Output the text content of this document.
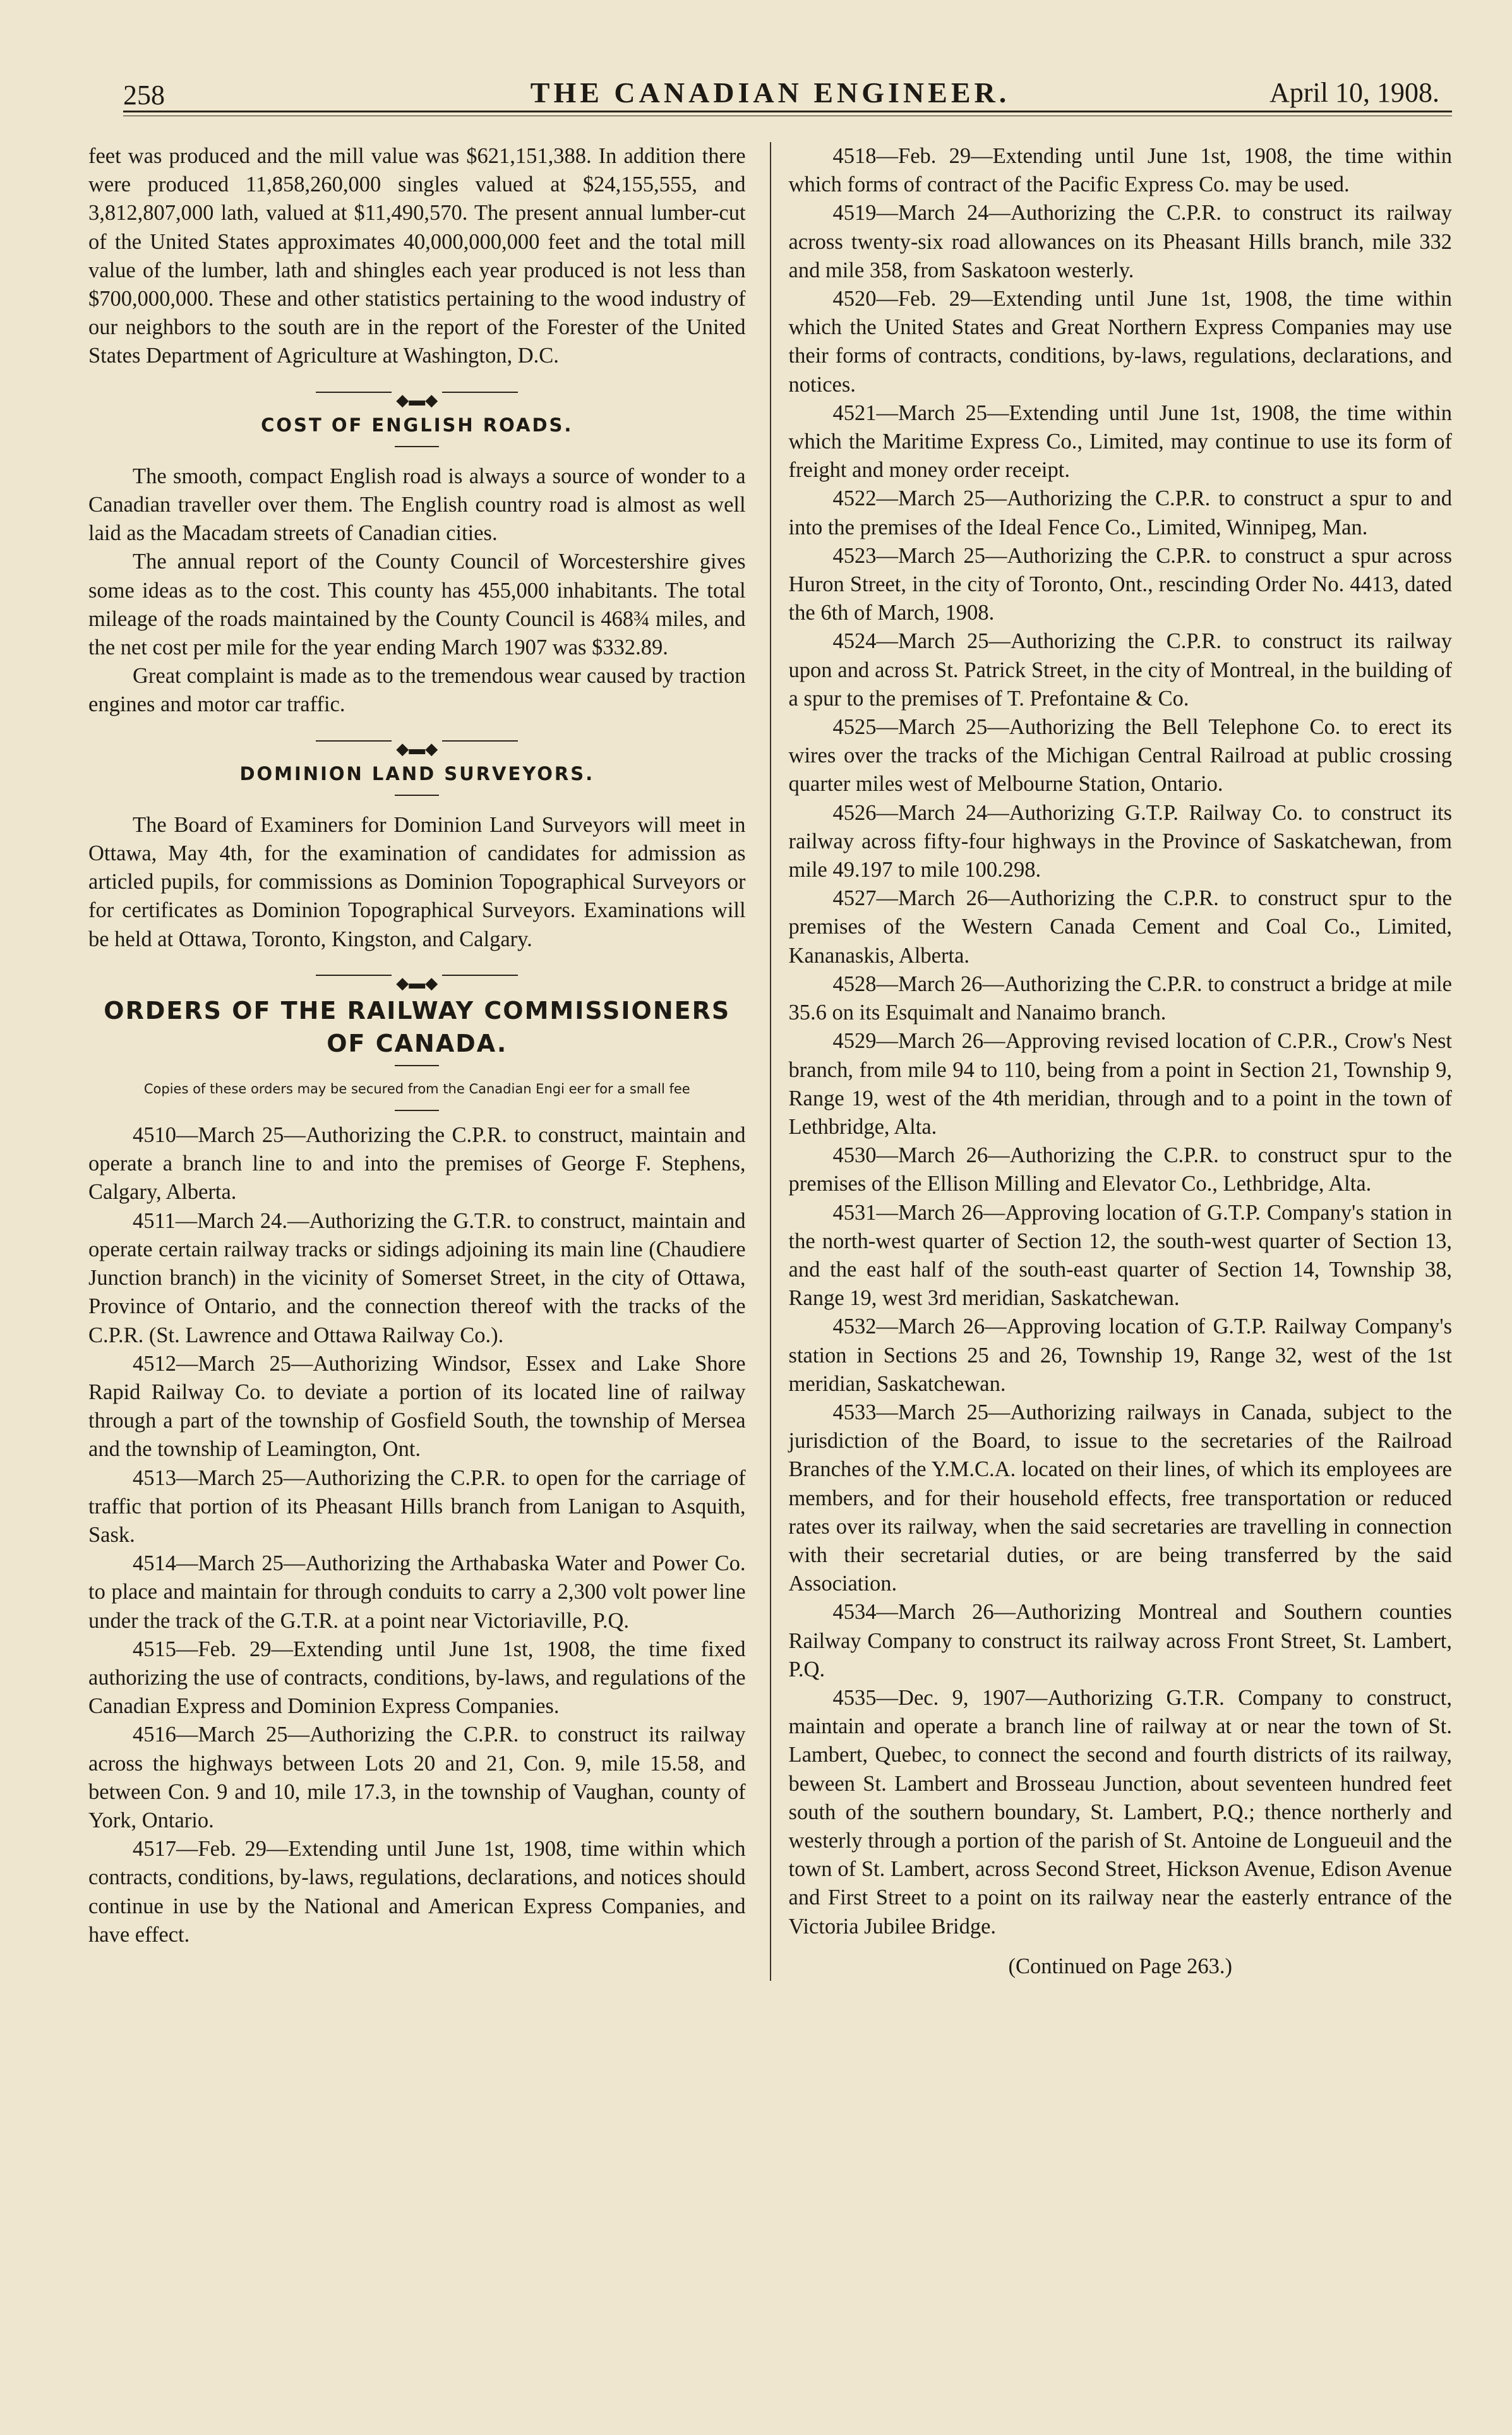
258	THE CANADIAN ENGINEER.	April 10, 1908.

feet was produced and the mill value was $621,151,388. In addition there were produced 11,858,260,000 singles valued at $24,155,555, and 3,812,807,000 lath, valued at $11,490,570. The present annual lumber-cut of the United States approximates 40,000,000,000 feet and the total mill value of the lumber, lath and shingles each year produced is not less than $700,000,000. These and other statistics pertaining to the wood industry of our neighbors to the south are in the report of the Forester of the United States Department of Agriculture at Washington, D.C.

◆▬◆
COST OF ENGLISH ROADS.

The smooth, compact English road is always a source of wonder to a Canadian traveller over them. The English country road is almost as well laid as the Macadam streets of Canadian cities.

The annual report of the County Council of Worcestershire gives some ideas as to the cost. This county has 455,000 inhabitants. The total mileage of the roads maintained by the County Council is 468¾ miles, and the net cost per mile for the year ending March 1907 was $332.89.

Great complaint is made as to the tremendous wear caused by traction engines and motor car traffic.

◆▬◆
DOMINION LAND SURVEYORS.

The Board of Examiners for Dominion Land Surveyors will meet in Ottawa, May 4th, for the examination of candidates for admission as articled pupils, for commissions as Dominion Topographical Surveyors or for certificates as Dominion Topographical Surveyors. Examinations will be held at Ottawa, Toronto, Kingston, and Calgary.

◆▬◆
ORDERS OF THE RAILWAY COMMISSIONERS
OF CANADA.
Copies of these orders may be secured from the Canadian Engi eer for a small fee

4510—March 25—Authorizing the C.P.R. to construct, maintain and operate a branch line to and into the premises of George F. Stephens, Calgary, Alberta.

4511—March 24.—Authorizing the G.T.R. to construct, maintain and operate certain railway tracks or sidings adjoining its main line (Chaudiere Junction branch) in the vicinity of Somerset Street, in the city of Ottawa, Province of Ontario, and the connection thereof with the tracks of the C.P.R. (St. Lawrence and Ottawa Railway Co.).

4512—March 25—Authorizing Windsor, Essex and Lake Shore Rapid Railway Co. to deviate a portion of its located line of railway through a part of the township of Gosfield South, the township of Mersea and the township of Leamington, Ont.

4513—March 25—Authorizing the C.P.R. to open for the carriage of traffic that portion of its Pheasant Hills branch from Lanigan to Asquith, Sask.

4514—March 25—Authorizing the Arthabaska Water and Power Co. to place and maintain for through conduits to carry a 2,300 volt power line under the track of the G.T.R. at a point near Victoriaville, P.Q.

4515—Feb. 29—Extending until June 1st, 1908, the time fixed authorizing the use of contracts, conditions, by-laws, and regulations of the Canadian Express and Dominion Express Companies.

4516—March 25—Authorizing the C.P.R. to construct its railway across the highways between Lots 20 and 21, Con. 9, mile 15.58, and between Con. 9 and 10, mile 17.3, in the township of Vaughan, county of York, Ontario.

4517—Feb. 29—Extending until June 1st, 1908, time within which contracts, conditions, by-laws, regulations, declarations, and notices should continue in use by the National and American Express Companies, and have effect.

4518—Feb. 29—Extending until June 1st, 1908, the time within which forms of contract of the Pacific Express Co. may be used.

4519—March 24—Authorizing the C.P.R. to construct its railway across twenty-six road allowances on its Pheasant Hills branch, mile 332 and mile 358, from Saskatoon westerly.

4520—Feb. 29—Extending until June 1st, 1908, the time within which the United States and Great Northern Express Companies may use their forms of contracts, conditions, by-laws, regulations, declarations, and notices.

4521—March 25—Extending until June 1st, 1908, the time within which the Maritime Express Co., Limited, may continue to use its form of freight and money order receipt.

4522—March 25—Authorizing the C.P.R. to construct a spur to and into the premises of the Ideal Fence Co., Limited, Winnipeg, Man.

4523—March 25—Authorizing the C.P.R. to construct a spur across Huron Street, in the city of Toronto, Ont., rescinding Order No. 4413, dated the 6th of March, 1908.

4524—March 25—Authorizing the C.P.R. to construct its railway upon and across St. Patrick Street, in the city of Montreal, in the building of a spur to the premises of T. Prefontaine & Co.

4525—March 25—Authorizing the Bell Telephone Co. to erect its wires over the tracks of the Michigan Central Railroad at public crossing quarter miles west of Melbourne Station, Ontario.

4526—March 24—Authorizing G.T.P. Railway Co. to construct its railway across fifty-four highways in the Province of Saskatchewan, from mile 49.197 to mile 100.298.

4527—March 26—Authorizing the C.P.R. to construct spur to the premises of the Western Canada Cement and Coal Co., Limited, Kananaskis, Alberta.

4528—March 26—Authorizing the C.P.R. to construct a bridge at mile 35.6 on its Esquimalt and Nanaimo branch.

4529—March 26—Approving revised location of C.P.R., Crow's Nest branch, from mile 94 to 110, being from a point in Section 21, Township 9, Range 19, west of the 4th meridian, through and to a point in the town of Lethbridge, Alta.

4530—March 26—Authorizing the C.P.R. to construct spur to the premises of the Ellison Milling and Elevator Co., Lethbridge, Alta.

4531—March 26—Approving location of G.T.P. Company's station in the north-west quarter of Section 12, the south-west quarter of Section 13, and the east half of the south-east quarter of Section 14, Township 38, Range 19, west 3rd meridian, Saskatchewan.

4532—March 26—Approving location of G.T.P. Railway Company's station in Sections 25 and 26, Township 19, Range 32, west of the 1st meridian, Saskatchewan.

4533—March 25—Authorizing railways in Canada, subject to the jurisdiction of the Board, to issue to the secretaries of the Railroad Branches of the Y.M.C.A. located on their lines, of which its employees are members, and for their household effects, free transportation or reduced rates over its railway, when the said secretaries are travelling in connection with their secretarial duties, or are being transferred by the said Association.

4534—March 26—Authorizing Montreal and Southern counties Railway Company to construct its railway across Front Street, St. Lambert, P.Q.

4535—Dec. 9, 1907—Authorizing G.T.R. Company to construct, maintain and operate a branch line of railway at or near the town of St. Lambert, Quebec, to connect the second and fourth districts of its railway, beween St. Lambert and Brosseau Junction, about seventeen hundred feet south of the southern boundary, St. Lambert, P.Q.; thence northerly and westerly through a portion of the parish of St. Antoine de Longueuil and the town of St. Lambert, across Second Street, Hickson Avenue, Edison Avenue and First Street to a point on its railway near the easterly entrance of the Victoria Jubilee Bridge.

(Continued on Page 263.)
